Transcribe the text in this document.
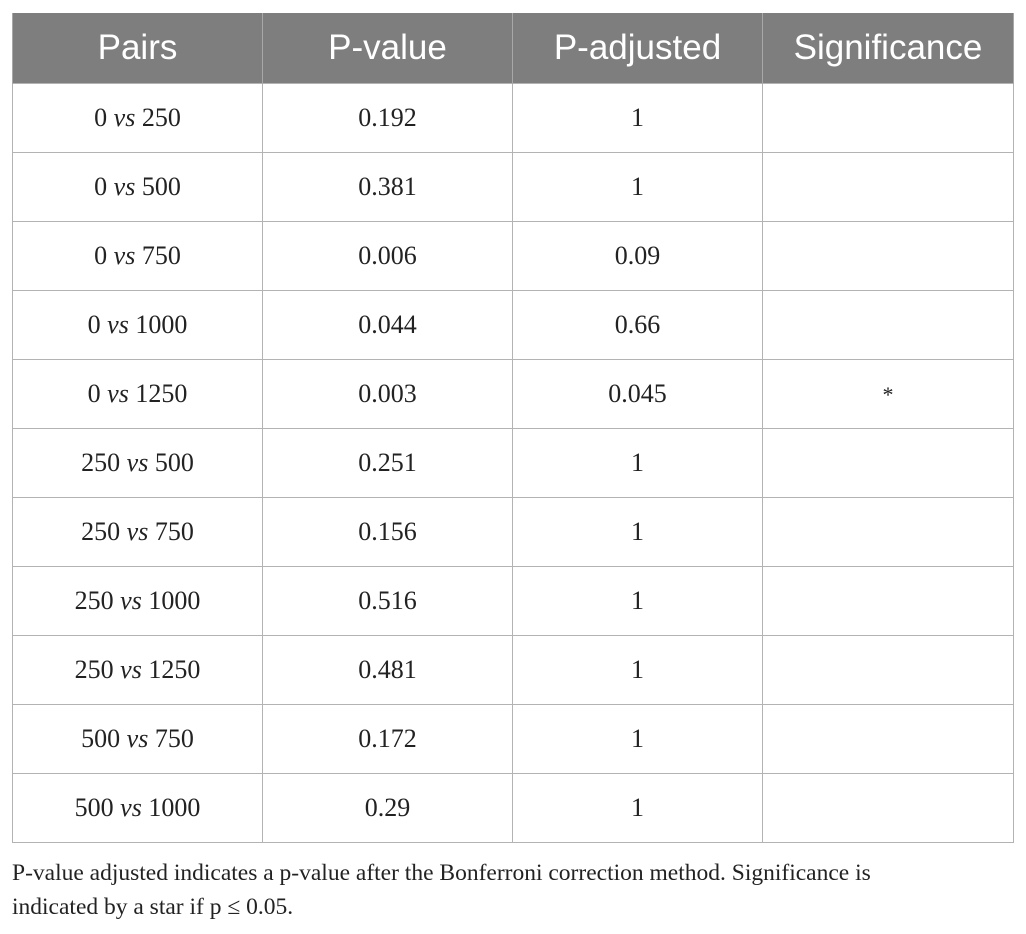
Pairs	P-value	P-adjusted	Significance
0 vs 250	0.192	1	
0 vs 500	0.381	1	
0 vs 750	0.006	0.09	
0 vs 1000	0.044	0.66	
0 vs 1250	0.003	0.045	*
250 vs 500	0.251	1	
250 vs 750	0.156	1	
250 vs 1000	0.516	1	
250 vs 1250	0.481	1	
500 vs 750	0.172	1	
500 vs 1000	0.29	1	
P-value adjusted indicates a p-value after the Bonferroni correction method. Significance is
indicated by a star if p ≤ 0.05.
